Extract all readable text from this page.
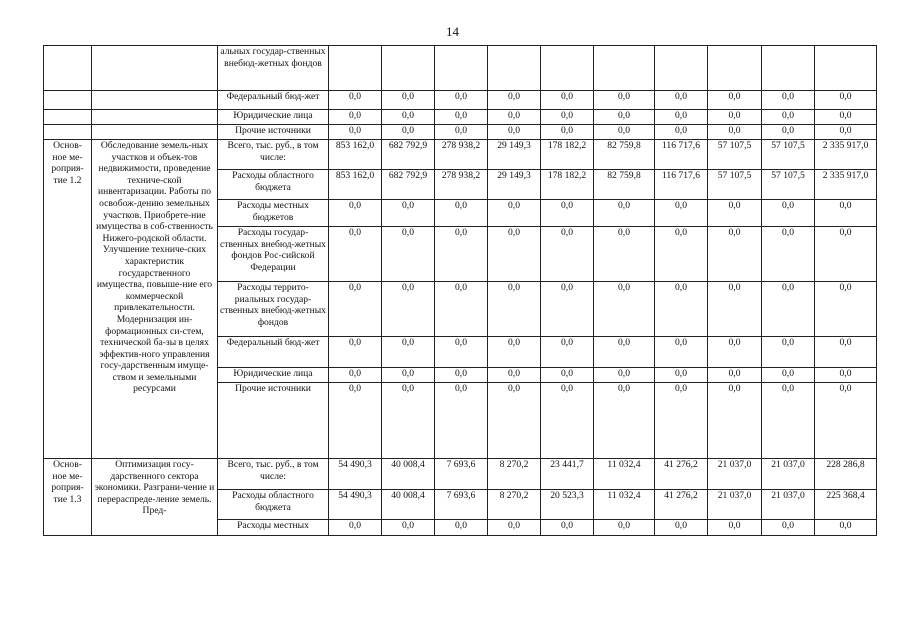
14
		альных государ-ственных внебюд-жетных фондов										
		Федеральный бюд-жет	0,0	0,0	0,0	0,0	0,0	0,0	0,0	0,0	0,0	0,0
		Юридические лица	0,0	0,0	0,0	0,0	0,0	0,0	0,0	0,0	0,0	0,0
		Прочие источники	0,0	0,0	0,0	0,0	0,0	0,0	0,0	0,0	0,0	0,0
Основ-ное ме-роприя-тие 1.2	Обследование земель-ных участков и объек-тов недвижимости, проведение техниче-ской инвентаризации. Работы по освобож-дению земельных участков. Приобрете-ние имущества в соб-ственность Нижего-родской области. Улучшение техниче-ских характеристик государственного имущества, повыше-ние его коммерческой привлекательности. Модернизация ин-формационных си-стем, технической ба-зы в целях эффектив-ного управления госу-дарственным имуще-ством и земельными ресурсами	Всего, тыс. руб., в том числе:	853 162,0	682 792,9	278 938,2	29 149,3	178 182,2	82 759,8	116 717,6	57 107,5	57 107,5	2 335 917,0
		Расходы областного бюджета	853 162,0	682 792,9	278 938,2	29 149,3	178 182,2	82 759,8	116 717,6	57 107,5	57 107,5	2 335 917,0
		Расходы местных бюджетов	0,0	0,0	0,0	0,0	0,0	0,0	0,0	0,0	0,0	0,0
		Расходы государ-ственных внебюд-жетных фондов Рос-сийской Федерации	0,0	0,0	0,0	0,0	0,0	0,0	0,0	0,0	0,0	0,0
		Расходы террито-риальных государ-ственных внебюд-жетных фондов	0,0	0,0	0,0	0,0	0,0	0,0	0,0	0,0	0,0	0,0
		Федеральный бюд-жет	0,0	0,0	0,0	0,0	0,0	0,0	0,0	0,0	0,0	0,0
		Юридические лица	0,0	0,0	0,0	0,0	0,0	0,0	0,0	0,0	0,0	0,0
		Прочие источники	0,0	0,0	0,0	0,0	0,0	0,0	0,0	0,0	0,0	0,0
Основ-ное ме-роприя-тие 1.3	Оптимизация госу-дарственного сектора экономики. Разграни-чение и перераспреде-ление земель. Пред-	Всего, тыс. руб., в том числе:	54 490,3	40 008,4	7 693,6	8 270,2	23 441,7	11 032,4	41 276,2	21 037,0	21 037,0	228 286,8
		Расходы областного бюджета	54 490,3	40 008,4	7 693,6	8 270,2	20 523,3	11 032,4	41 276,2	21 037,0	21 037,0	225 368,4
		Расходы местных	0,0	0,0	0,0	0,0	0,0	0,0	0,0	0,0	0,0	0,0
